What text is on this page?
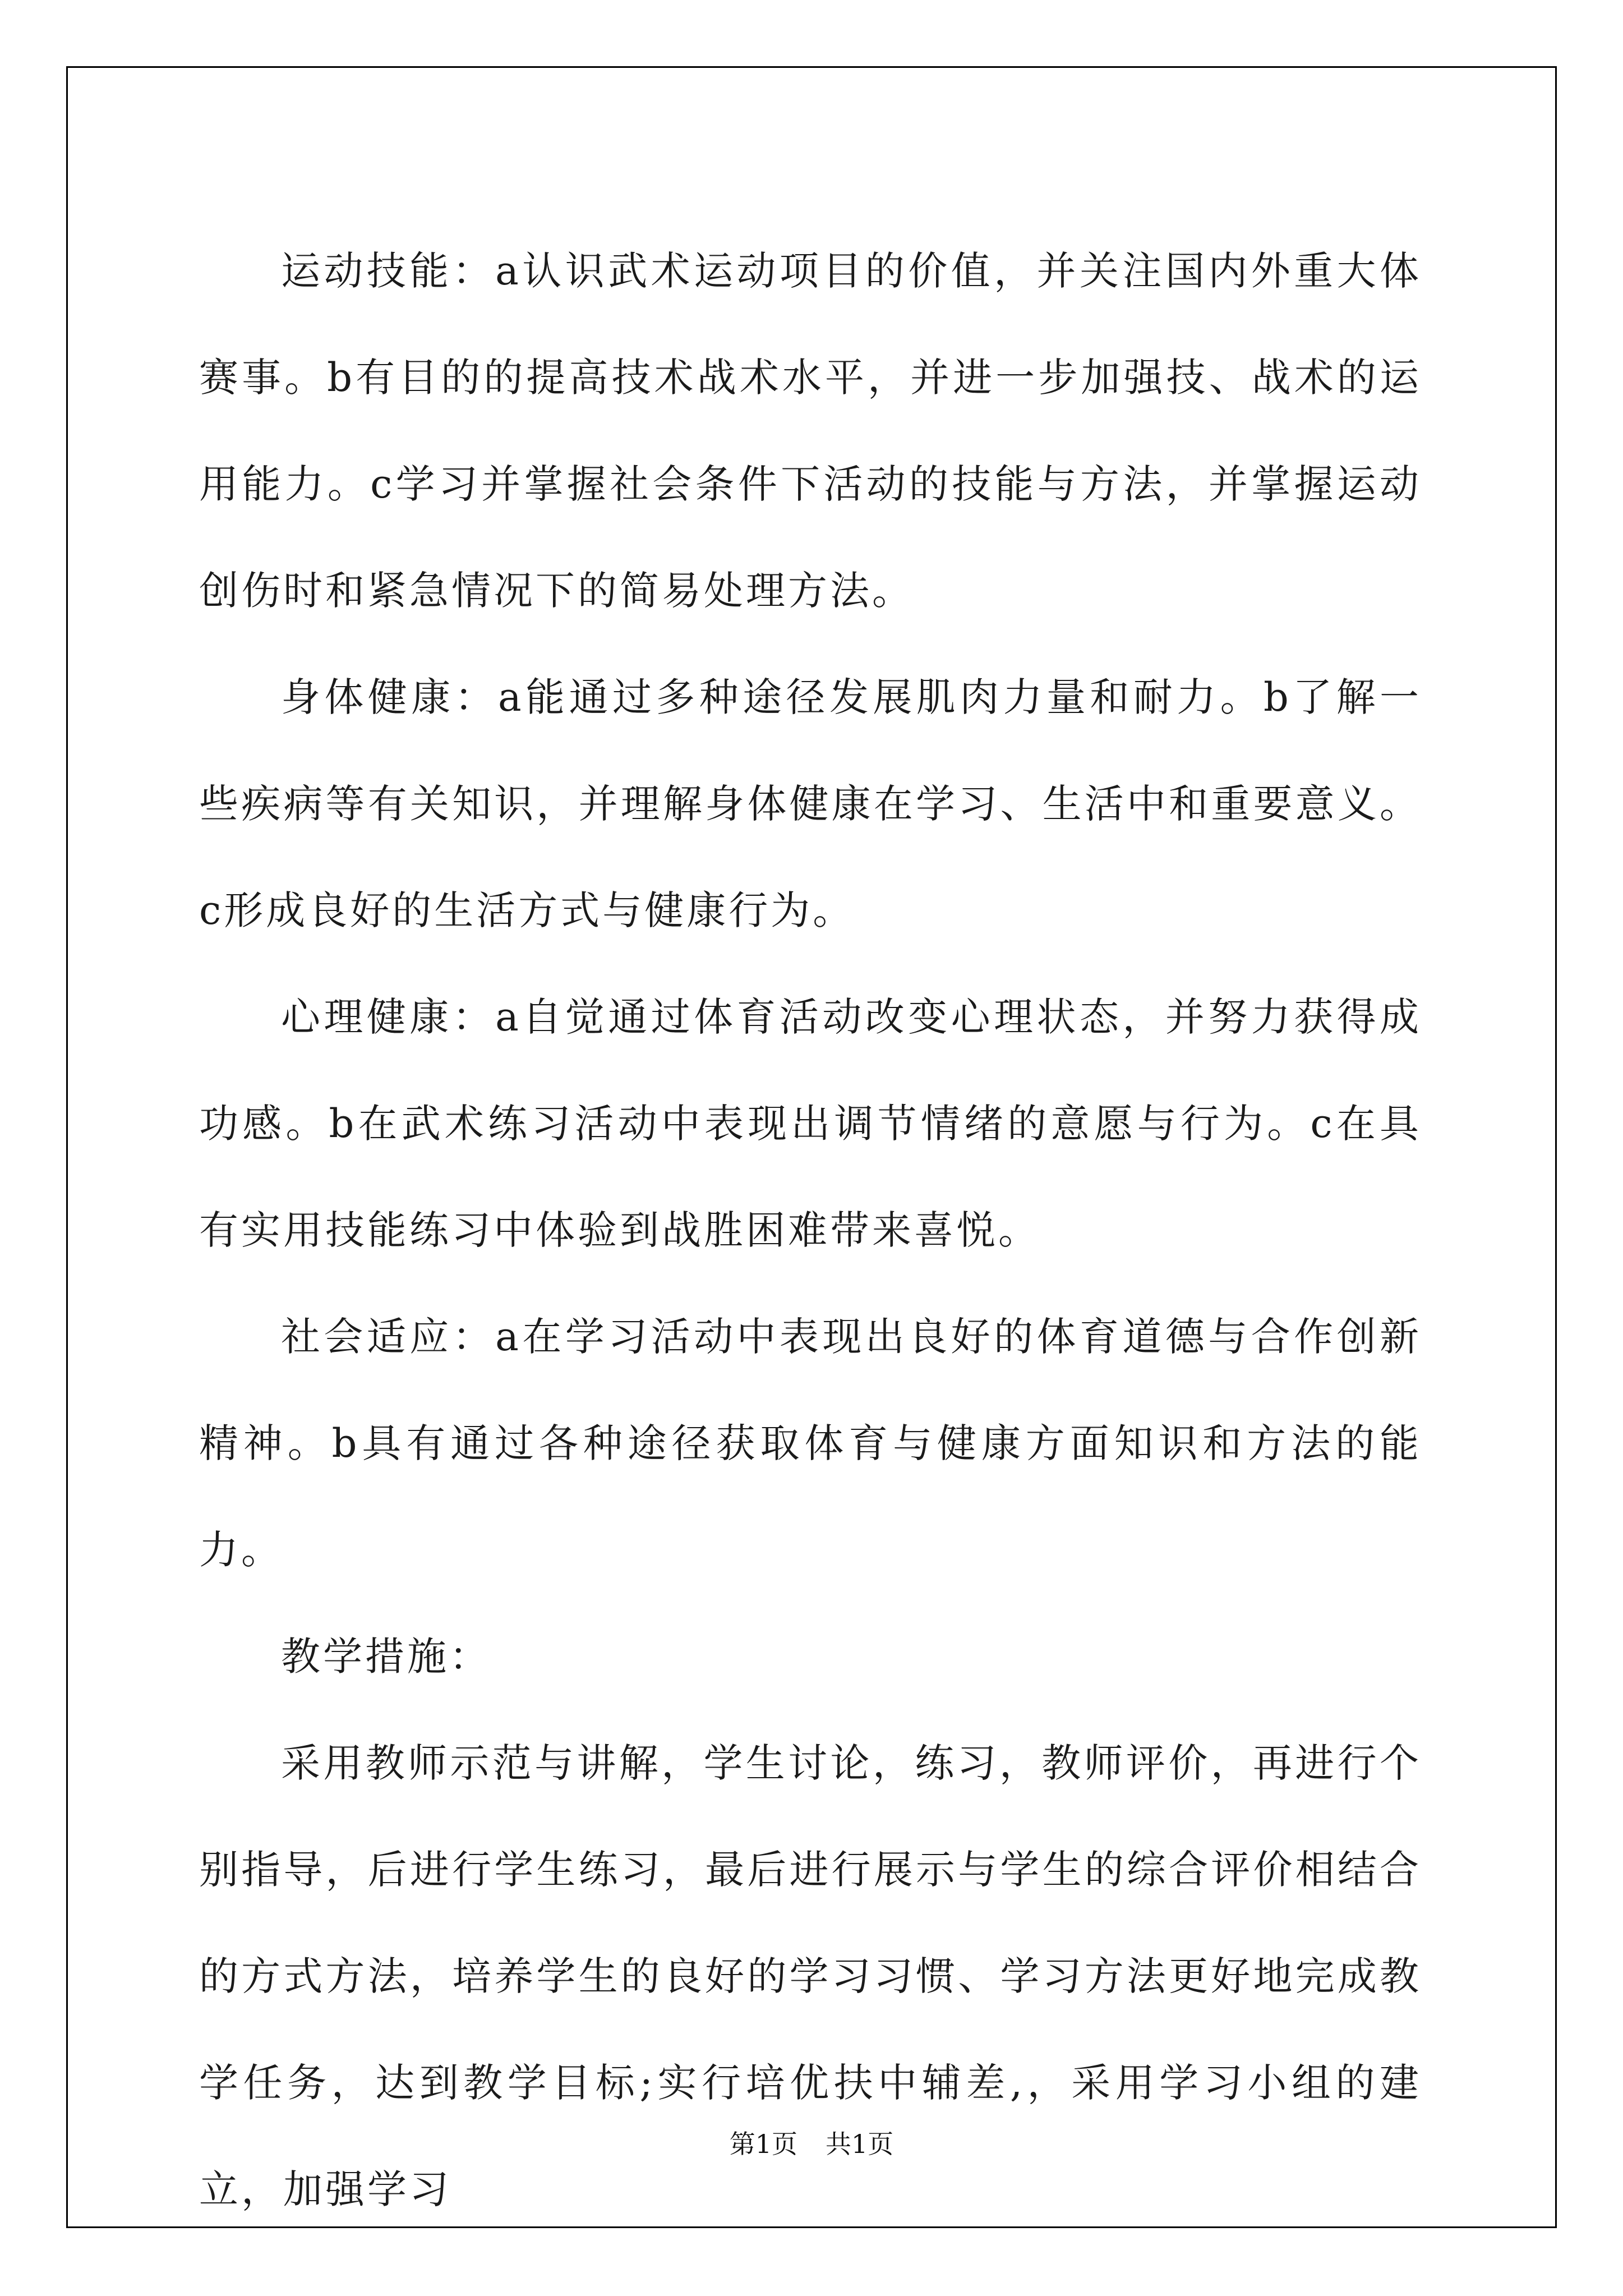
运动技能：a认识武术运动项目的价值，并关注国内外重大体赛事。b有目的的提高技术战术水平，并进一步加强技、战术的运用能力。c学习并掌握社会条件下活动的技能与方法，并掌握运动创伤时和紧急情况下的简易处理方法。

身体健康：a能通过多种途径发展肌肉力量和耐力。b了解一些疾病等有关知识，并理解身体健康在学习、生活中和重要意义。c形成良好的生活方式与健康行为。

心理健康：a自觉通过体育活动改变心理状态，并努力获得成功感。b在武术练习活动中表现出调节情绪的意愿与行为。c在具有实用技能练习中体验到战胜困难带来喜悦。

社会适应：a在学习活动中表现出良好的体育道德与合作创新精神。b具有通过各种途径获取体育与健康方面知识和方法的能力。

教学措施：

采用教师示范与讲解，学生讨论，练习，教师评价，再进行个别指导，后进行学生练习，最后进行展示与学生的综合评价相结合的方式方法，培养学生的良好的学习习惯、学习方法更好地完成教学任务，达到教学目标;实行培优扶中辅差,，采用学习小组的建立，加强学习

第1页 共1页
